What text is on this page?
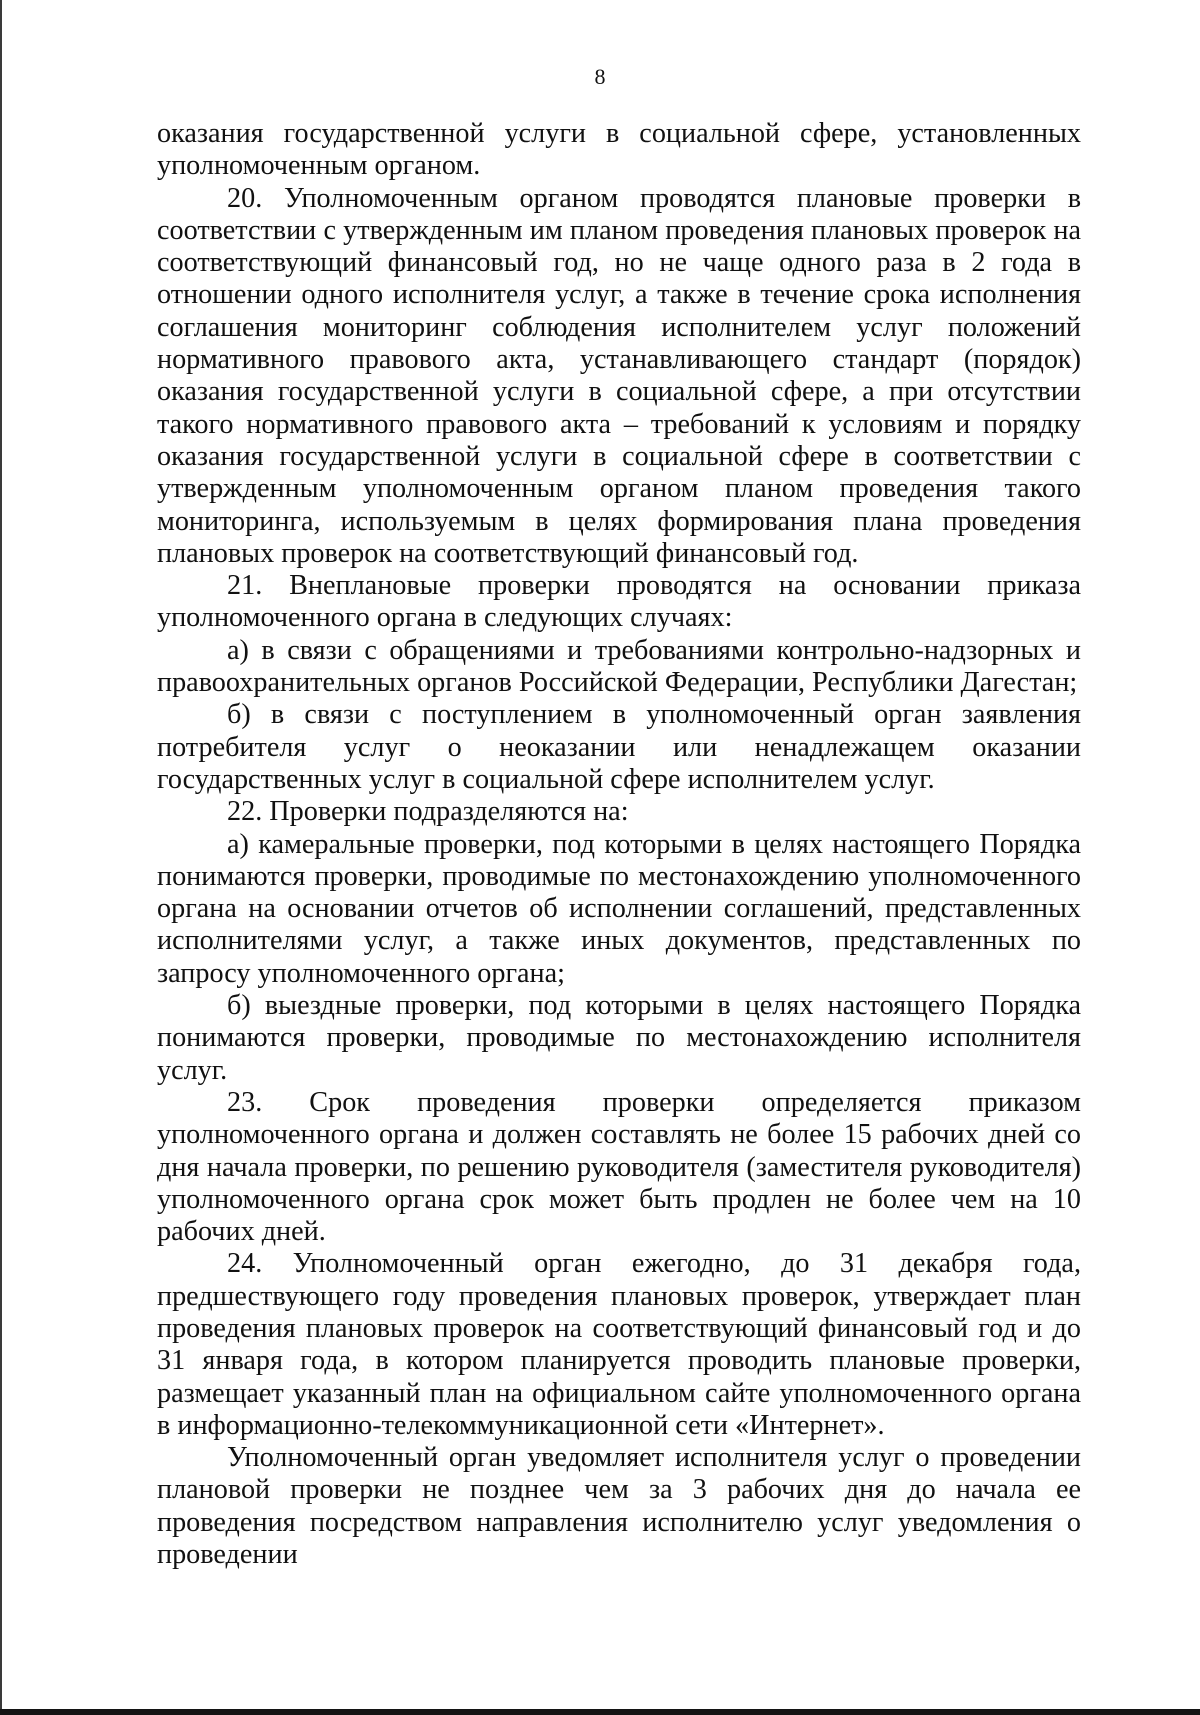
8

оказания государственной услуги в социальной сфере, установленных уполномоченным органом.

20. Уполномоченным органом проводятся плановые проверки в соответствии с утвержденным им планом проведения плановых проверок на соответствующий финансовый год, но не чаще одного раза в 2 года в отношении одного исполнителя услуг, а также в течение срока исполнения соглашения мониторинг соблюдения исполнителем услуг положений нормативного правового акта, устанавливающего стандарт (порядок) оказания государственной услуги в социальной сфере, а при отсутствии такого нормативного правового акта – требований к условиям и порядку оказания государственной услуги в социальной сфере в соответствии с утвержденным уполномоченным органом планом проведения такого мониторинга, используемым в целях формирования плана проведения плановых проверок на соответствующий финансовый год.

21. Внеплановые проверки проводятся на основании приказа уполномоченного органа в следующих случаях:

а) в связи с обращениями и требованиями контрольно-надзорных и правоохранительных органов Российской Федерации, Республики Дагестан;

б) в связи с поступлением в уполномоченный орган заявления потребителя услуг о неоказании или ненадлежащем оказании государственных услуг в социальной сфере исполнителем услуг.

22. Проверки подразделяются на:

а) камеральные проверки, под которыми в целях настоящего Порядка понимаются проверки, проводимые по местонахождению уполномоченного органа на основании отчетов об исполнении соглашений, представленных исполнителями услуг, а также иных документов, представленных по запросу уполномоченного органа;

б) выездные проверки, под которыми в целях настоящего Порядка понимаются проверки, проводимые по местонахождению исполнителя услуг.

23. Срок проведения проверки определяется приказом уполномоченного органа и должен составлять не более 15 рабочих дней со дня начала проверки, по решению руководителя (заместителя руководителя) уполномоченного органа срок может быть продлен не более чем на 10 рабочих дней.

24. Уполномоченный орган ежегодно, до 31 декабря года, предшествующего году проведения плановых проверок, утверждает план проведения плановых проверок на соответствующий финансовый год и до 31 января года, в котором планируется проводить плановые проверки, размещает указанный план на официальном сайте уполномоченного органа в информационно-телекоммуникационной сети «Интернет».

Уполномоченный орган уведомляет исполнителя услуг о проведении плановой проверки не позднее чем за 3 рабочих дня до начала ее проведения посредством направления исполнителю услуг уведомления о проведении
